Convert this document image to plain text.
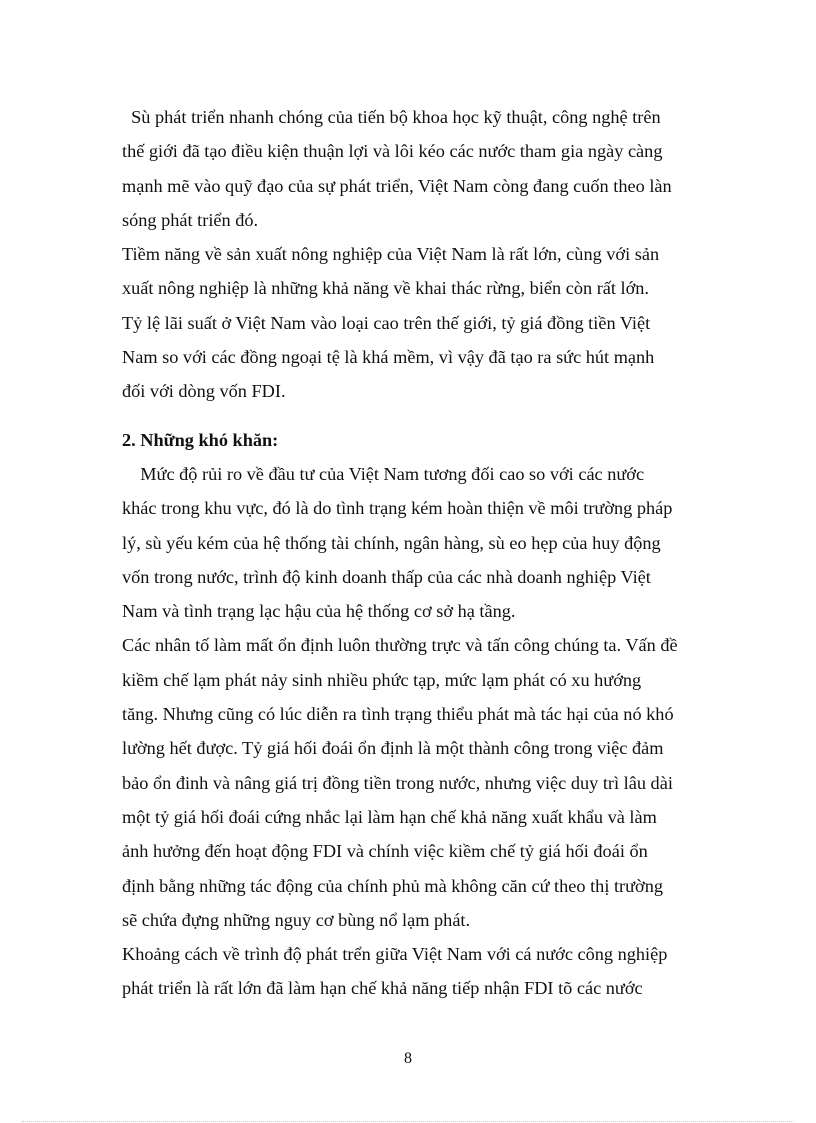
Sù phát triển nhanh chóng của tiến bộ khoa học kỹ thuật, công nghệ trên
thế giới đã tạo điều kiện thuận lợi và lôi kéo các nước tham gia ngày càng
mạnh mẽ vào quỹ đạo của sự phát triển, Việt Nam còng đang cuốn theo làn
sóng phát triển đó.
Tiềm năng về sản xuất nông nghiệp của Việt Nam là rất lớn, cùng với sản
xuất nông nghiệp là những khả năng về khai thác rừng, biển còn rất lớn.
Tỷ lệ lãi suất ở Việt Nam vào loại cao trên thế giới, tỷ giá đồng tiền Việt
Nam so với các đồng ngoại tệ là khá mềm, vì vậy đã tạo ra sức hút mạnh
đối với dòng vốn FDI.
2. Những khó khăn:
Mức độ rủi ro về đầu tư của Việt Nam tương đối cao so với các nước
khác trong khu vực, đó là do tình trạng kém hoàn thiện về môi trường pháp
lý, sù yếu kém của hệ thống tài chính, ngân hàng, sù eo hẹp của huy động
vốn trong nước, trình độ kinh doanh thấp của các nhà doanh nghiệp Việt
Nam và tình trạng lạc hậu của hệ thống cơ sở hạ tầng.
Các nhân tố làm mất ổn định luôn thường trực và tấn công chúng ta. Vấn đề
kiềm chế lạm phát nảy sinh nhiều phức tạp, mức lạm phát có xu hướng
tăng. Nhưng cũng có lúc diễn ra tình trạng thiểu phát mà tác hại của nó khó
lường hết được. Tỷ giá hối đoái ổn định là một thành công trong việc đảm
bảo ổn đinh và nâng giá trị đồng tiền trong nước, nhưng việc duy trì lâu dài
một tỷ giá hối đoái cứng nhắc lại làm hạn chế khả năng xuất khẩu và làm
ảnh hưởng đến hoạt động FDI và chính việc kiềm chế tỷ giá hối đoái ổn
định bằng những tác động của chính phủ mà không căn cứ theo thị trường
sẽ chứa đựng những nguy cơ bùng nổ lạm phát.
Khoảng cách về trình độ phát trển giữa Việt Nam với cá nước công nghiệp
phát triển là rất lớn đã làm hạn chế khả năng tiếp nhận FDI tõ các nước
8
